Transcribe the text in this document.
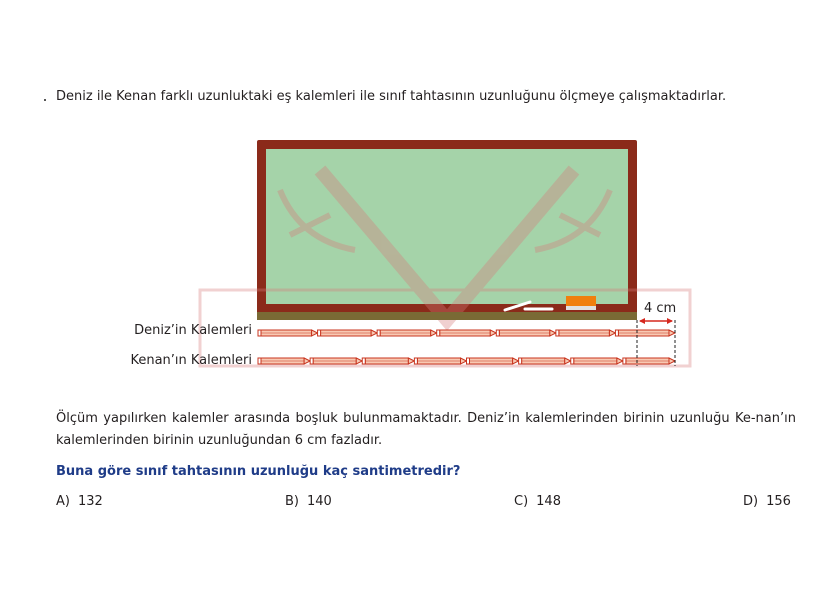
Deniz ile Kenan farklı uzunluktaki eş kalemleri ile sınıf tahtasının uzunluğunu ölçmeye çalışmaktadırlar.
Deniz’in Kalemleri
Kenan’ın Kalemleri
4 cm
Ölçüm yapılırken kalemler arasında boşluk bulunmamaktadır. Deniz’in kalemlerinden birinin uzunluğu Ke-nan’ın kalemlerinden birinin uzunluğundan 6 cm fazladır.
Buna göre sınıf tahtasının uzunluğu kaç santimetredir?
A) 132	B) 140	C) 148	D) 156
